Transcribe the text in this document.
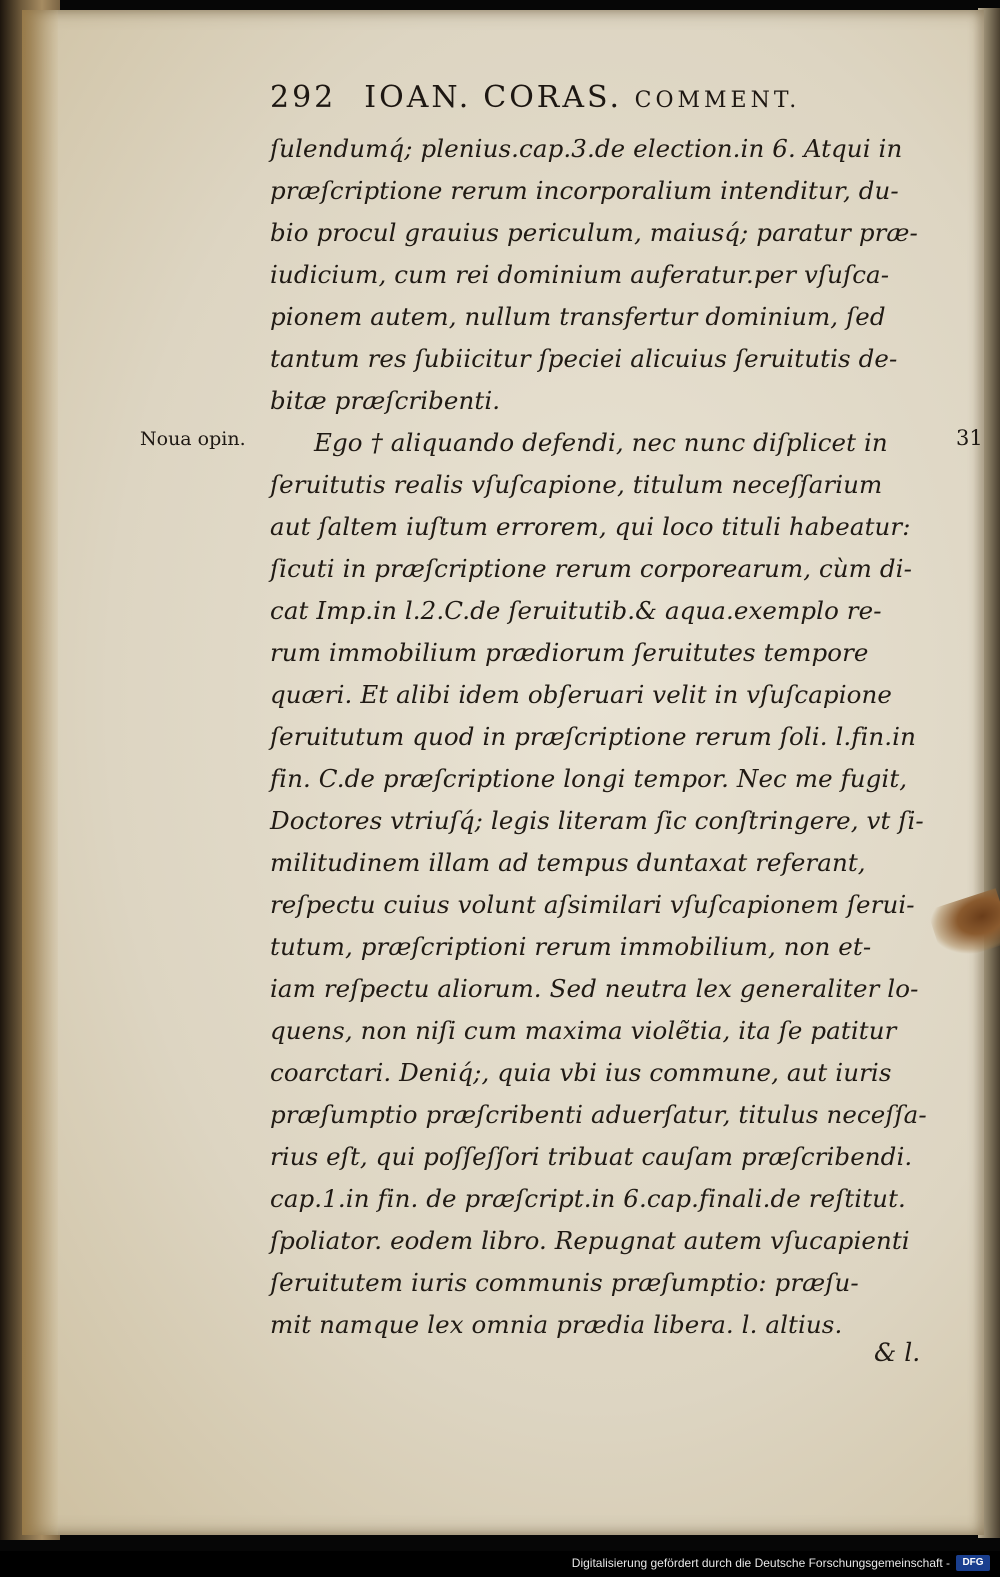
292 IOAN. CORAS. COMMENT.
Noua opin.	31
ſulendumq́; plenius.cap.3.de election.in 6. Atqui in
præſcriptione rerum incorporalium intenditur, du-
bio procul grauius periculum, maiusq́; paratur præ-
iudicium, cum rei dominium auferatur.per vſuſca-
pionem autem, nullum transfertur dominium, ſed
tantum res ſubiicitur ſpeciei alicuius ſeruitutis de-
bitæ præſcribenti.
Ego † aliquando defendi, nec nunc diſplicet in
ſeruitutis realis vſuſcapione, titulum neceſſarium
aut ſaltem iuſtum errorem, qui loco tituli habeatur:
ſicuti in præſcriptione rerum corporearum, cùm di-
cat Imp.in l.2.C.de ſeruitutib.& aqua.exemplo re-
rum immobilium prædiorum ſeruitutes tempore
quæri. Et alibi idem obſeruari velit in vſuſcapione
ſeruitutum quod in præſcriptione rerum ſoli. l.fin.in
fin. C.de præſcriptione longi tempor. Nec me fugit,
Doctores vtriuſq́; legis literam ſic conſtringere, vt ſi-
militudinem illam ad tempus duntaxat referant,
reſpectu cuius volunt aſsimilari vſuſcapionem ſerui-
tutum, præſcriptioni rerum immobilium, non et-
iam reſpectu aliorum. Sed neutra lex generaliter lo-
quens, non niſi cum maxima violẽtia, ita ſe patitur
coarctari. Deniq́;, quia vbi ius commune, aut iuris
præſumptio præſcribenti aduerſatur, titulus neceſſa-
rius eſt, qui poſſeſſori tribuat cauſam præſcribendi.
cap.1.in fin. de præſcript.in 6.cap.finali.de reſtitut.
ſpoliator. eodem libro. Repugnat autem vſucapienti
ſeruitutem iuris communis præſumptio: præſu-
mit namque lex omnia prædia libera. l. altius.
& l.
Digitalisierung gefördert durch die Deutsche Forschungsgemeinschaft -	DFG
